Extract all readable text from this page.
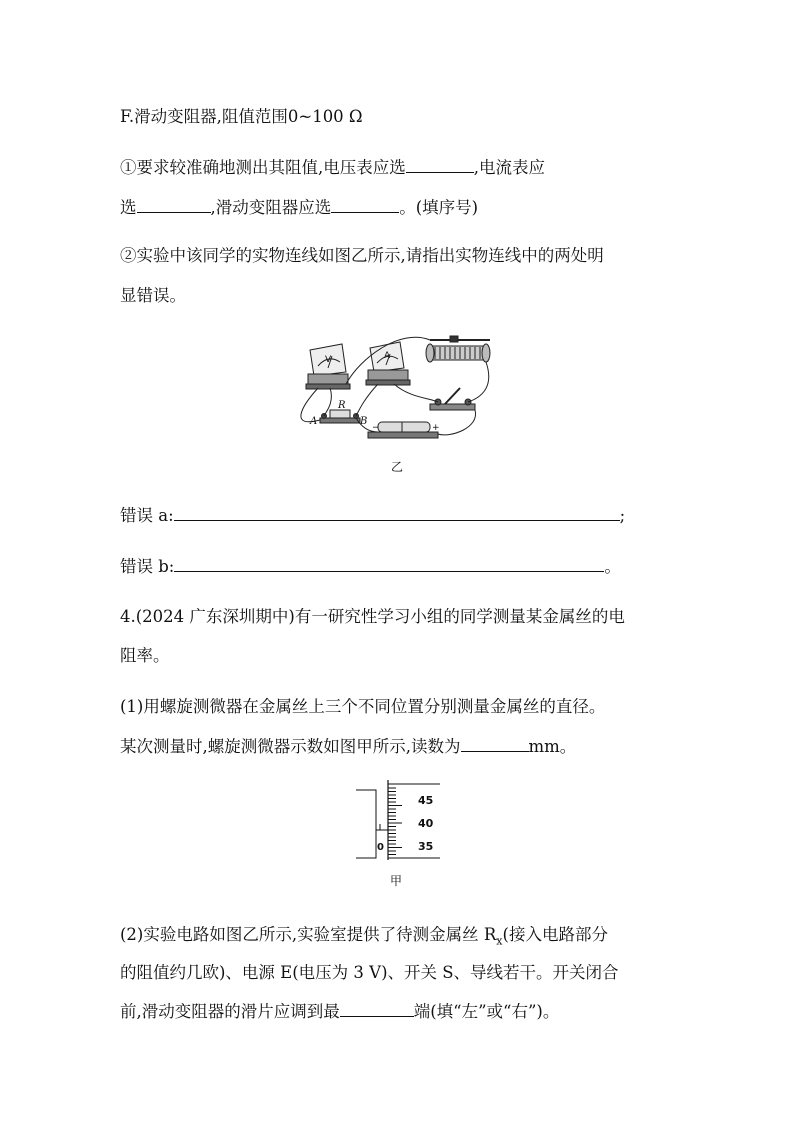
F.滑动变阻器,阻值范围0~100 Ω
①要求较准确地测出其阻值,电压表应选	,电流表应
选	,滑动变阻器应选	。(填序号)
②实验中该同学的实物连线如图乙所示,请指出实物连线中的两处明
显错误。
R
A	B
−	+
V	A
乙
错误 a:	;
错误 b:	。
4.(2024 广东深圳期中)有一研究性学习小组的同学测量某金属丝的电
阻率。
(1)用螺旋测微器在金属丝上三个不同位置分别测量金属丝的直径。
某次测量时,螺旋测微器示数如图甲所示,读数为	mm。
45
40
35
0
甲
(2)实验电路如图乙所示,实验室提供了待测金属丝 $R_x$(接入电路部分
的阻值约几欧)、电源 E(电压为 3 V)、开关 S、导线若干。开关闭合
前,滑动变阻器的滑片应调到最	端(填“左”或“右”)。
